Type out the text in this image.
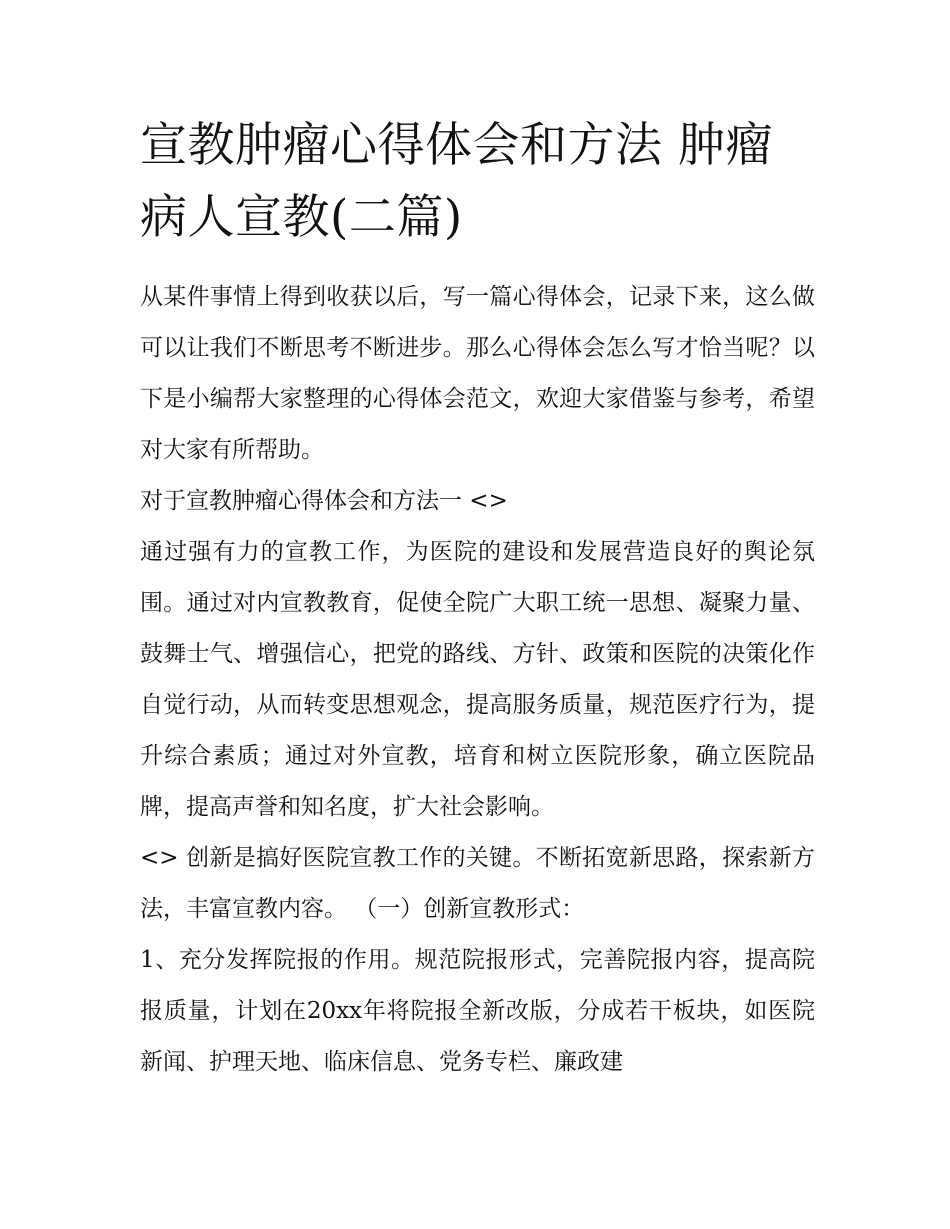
宣教肿瘤心得体会和方法 肿瘤病人宣教(二篇)

从某件事情上得到收获以后，写一篇心得体会，记录下来，这么做可以让我们不断思考不断进步。那么心得体会怎么写才恰当呢？以下是小编帮大家整理的心得体会范文，欢迎大家借鉴与参考，希望对大家有所帮助。

对于宣教肿瘤心得体会和方法一 <>

通过强有力的宣教工作，为医院的建设和发展营造良好的舆论氛围。通过对内宣教教育，促使全院广大职工统一思想、凝聚力量、鼓舞士气、增强信心，把党的路线、方针、政策和医院的决策化作自觉行动，从而转变思想观念，提高服务质量，规范医疗行为，提升综合素质；通过对外宣教，培育和树立医院形象，确立医院品牌，提高声誉和知名度，扩大社会影响。

<> 创新是搞好医院宣教工作的关键。不断拓宽新思路，探索新方法，丰富宣教内容。 （一）创新宣教形式：

1、充分发挥院报的作用。规范院报形式，完善院报内容，提高院报质量，计划在20xx年将院报全新改版，分成若干板块，如医院新闻、护理天地、临床信息、党务专栏、廉政建
